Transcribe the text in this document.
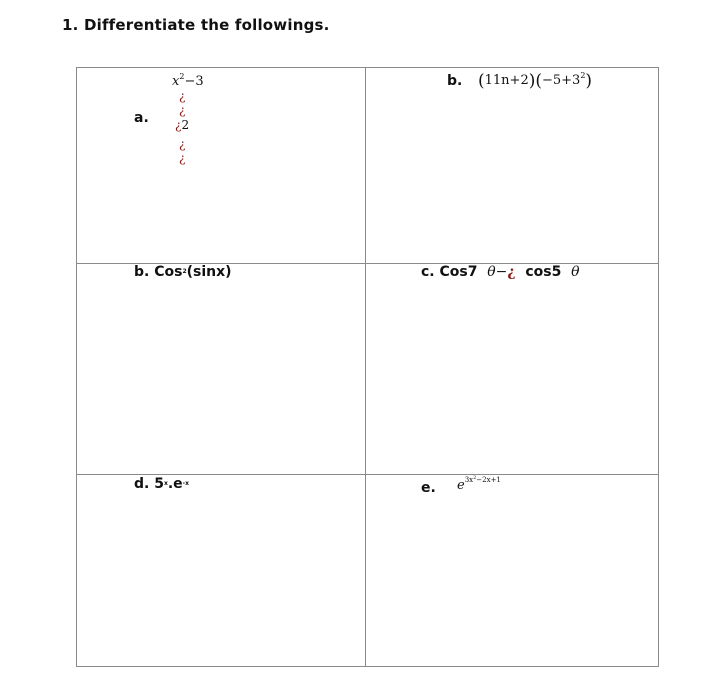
1. Differentiate the followings.
a.
$x^2-3$
¿
¿
¿2
¿
¿
b. $(11n+2)(-5+3^2)$
b. Cos$^2$(sinx)	c. Cos7 θ−¿ cos5 θ
d. $5^x.e^{-x}$	e. $e^{3x^2-2x+1}$
